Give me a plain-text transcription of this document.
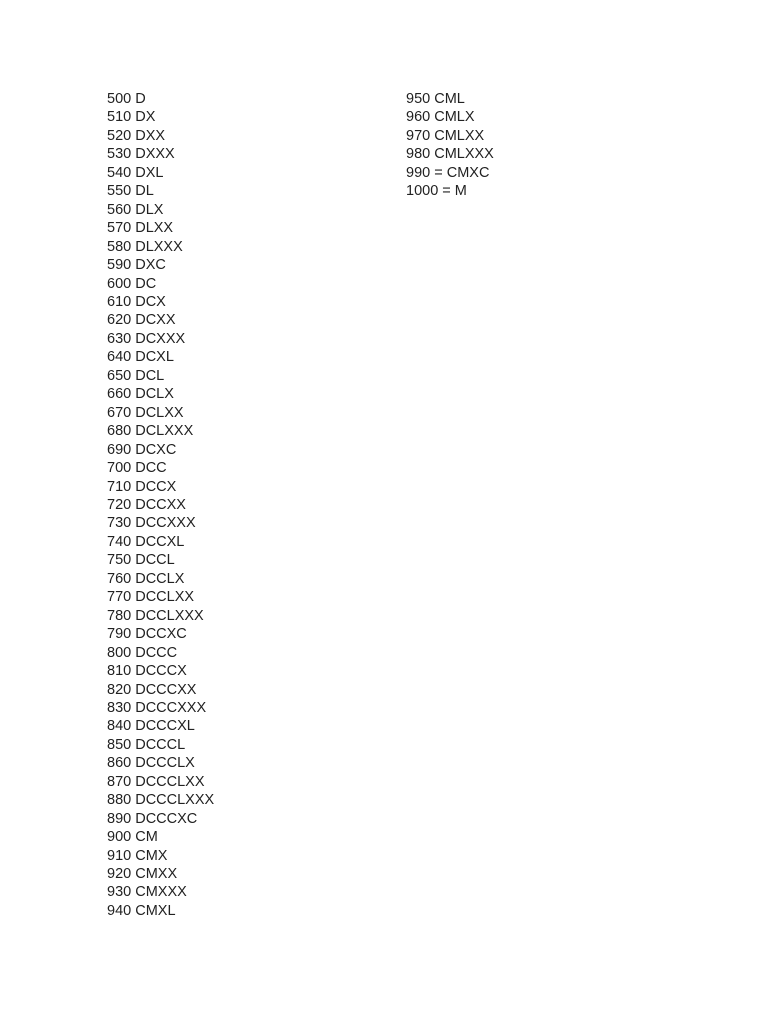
500 D
510 DX
520 DXX
530 DXXX
540 DXL
550 DL
560 DLX
570 DLXX
580 DLXXX
590 DXC
600 DC
610 DCX
620 DCXX
630 DCXXX
640 DCXL
650 DCL
660 DCLX
670 DCLXX
680 DCLXXX
690 DCXC
700 DCC
710 DCCX
720 DCCXX
730 DCCXXX
740 DCCXL
750 DCCL
760 DCCLX
770 DCCLXX
780 DCCLXXX
790 DCCXC
800 DCCC
810 DCCCX
820 DCCCXX
830 DCCCXXX
840 DCCCXL
850 DCCCL
860 DCCCLX
870 DCCCLXX
880 DCCCLXXX
890 DCCCXC
900 CM
910 CMX
920 CMXX
930 CMXXX
940 CMXL
950 CML
960 CMLX
970 CMLXX
980 CMLXXX
990 = CMXC
1000 = M
